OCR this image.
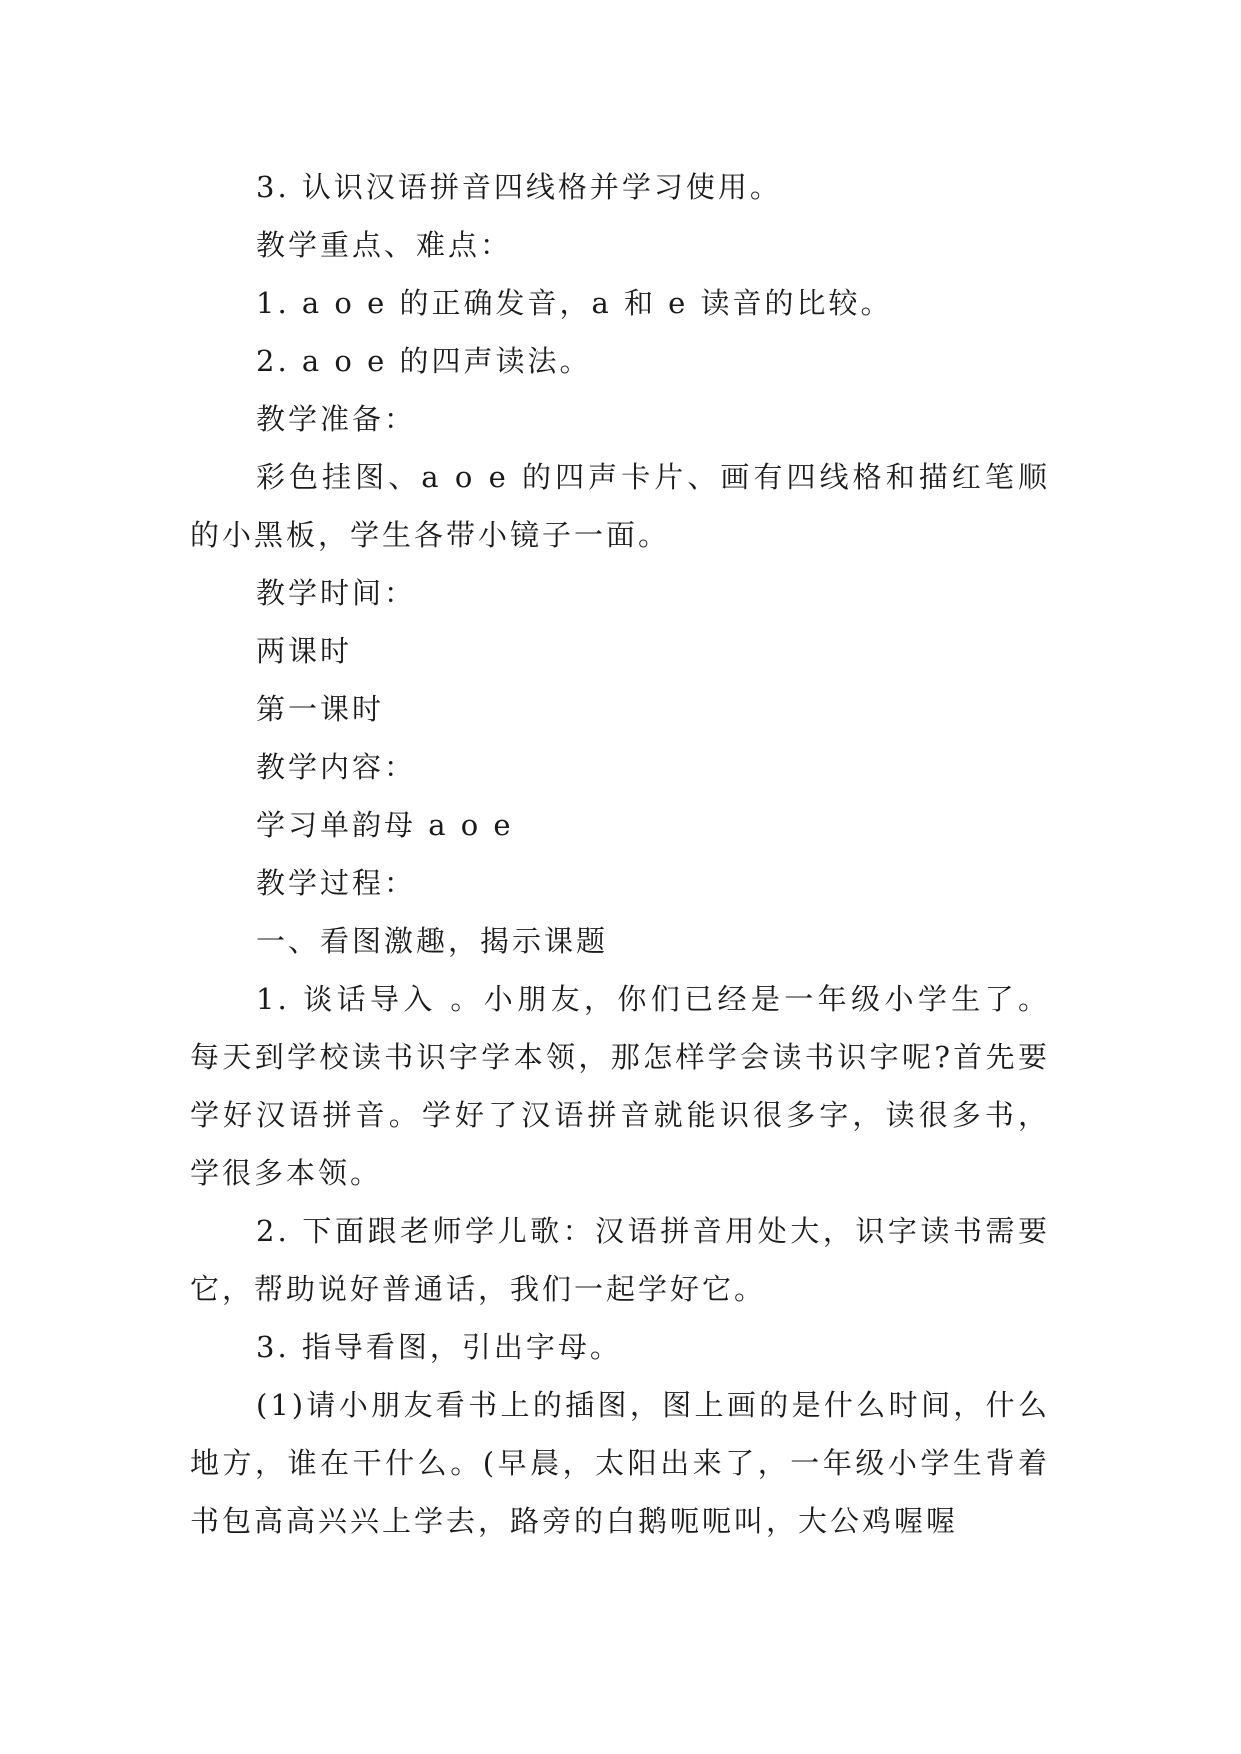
3. 认识汉语拼音四线格并学习使用。

教学重点、难点：

1. a o e 的正确发音，a 和 e 读音的比较。

2. a o e 的四声读法。

教学准备：

彩色挂图、a o e 的四声卡片、画有四线格和描红笔顺的小黑板，学生各带小镜子一面。

教学时间：

两课时

第一课时

教学内容：

学习单韵母 a o e

教学过程：

一、看图激趣，揭示课题

1. 谈话导入 。小朋友，你们已经是一年级小学生了。每天到学校读书识字学本领，那怎样学会读书识字呢?首先要学好汉语拼音。学好了汉语拼音就能识很多字，读很多书，学很多本领。

2. 下面跟老师学儿歌：汉语拼音用处大，识字读书需要它，帮助说好普通话，我们一起学好它。

3. 指导看图，引出字母。

(1)请小朋友看书上的插图，图上画的是什么时间，什么地方，谁在干什么。(早晨，太阳出来了，一年级小学生背着书包高高兴兴上学去，路旁的白鹅呃呃叫，大公鸡喔喔
